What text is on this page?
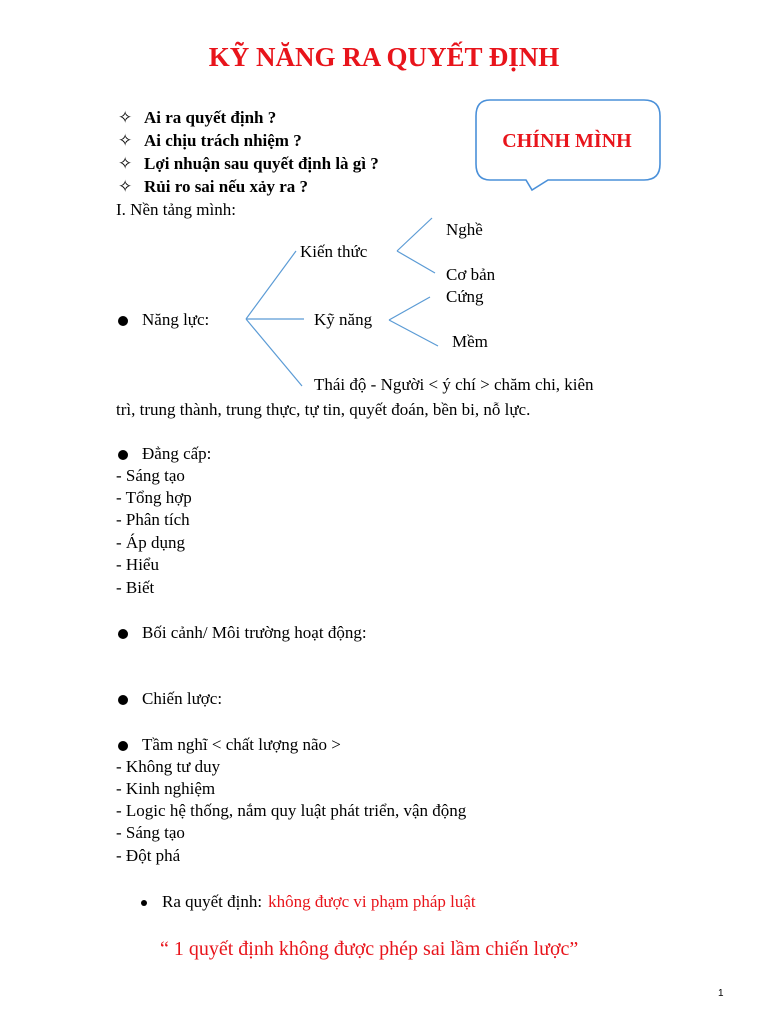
KỸ NĂNG RA QUYẾT ĐỊNH
✧ Ai ra quyết định ?
✧ Ai chịu trách nhiệm ?
✧ Lợi nhuận sau quyết định là gì ?
✧ Rủi ro sai nếu xảy ra ?
CHÍNH MÌNH
I. Nền tảng mình:
Kiến thức
Nghề
Cơ bản
Năng lực:	Kỹ năng
Cứng
Mềm
Thái độ - Người < ý chí > chăm chi, kiên
trì, trung thành, trung thực, tự tin, quyết đoán, bền bi, nỗ lực.
Đẳng cấp:
- Sáng tạo
- Tổng hợp
- Phân tích
- Áp dụng
- Hiểu
- Biết
Bối cảnh/ Môi trường hoạt động:
Chiến lược:
Tầm nghĩ < chất lượng não >
- Không tư duy
- Kinh nghiệm
- Logic hệ thống, nắm quy luật phát triển, vận động
- Sáng tạo
- Đột phá
Ra quyết định: không được vi phạm pháp luật
“ 1 quyết định không được phép sai lầm chiến lược”
1
